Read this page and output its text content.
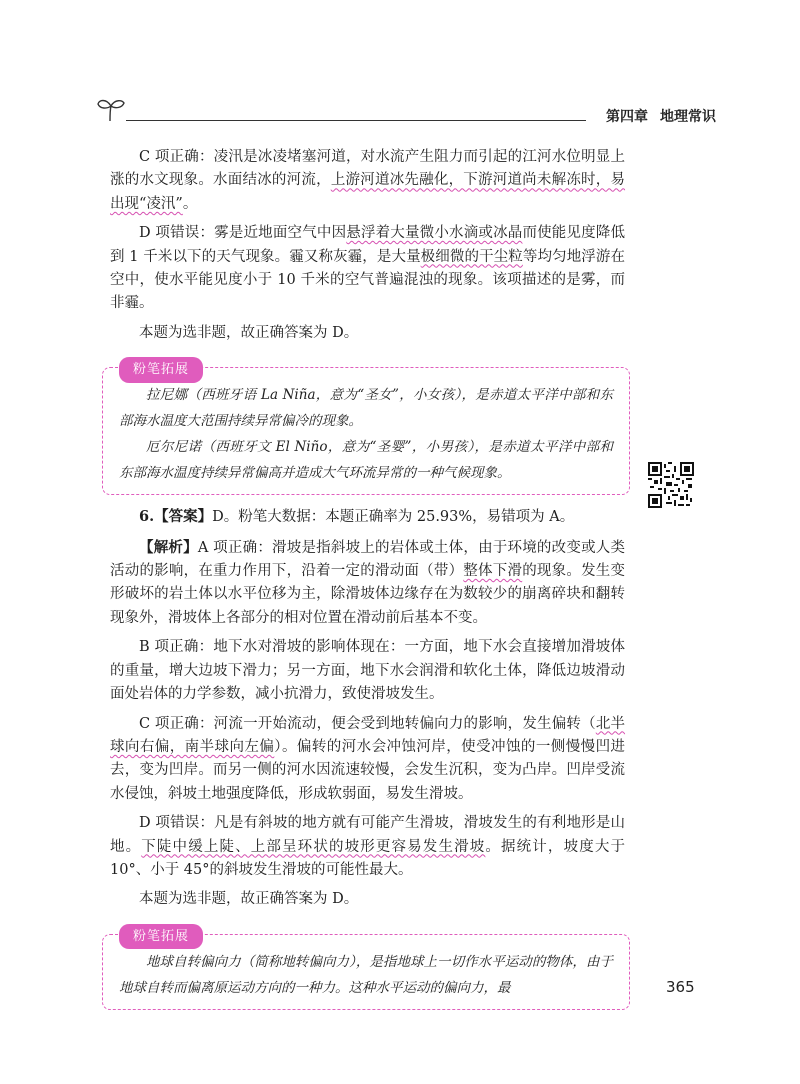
第四章 地理常识

C 项正确：凌汛是冰凌堵塞河道，对水流产生阻力而引起的江河水位明显上涨的水文现象。水面结冰的河流，上游河道冰先融化，下游河道尚未解冻时，易出现“凌汛”。

D 项错误：雾是近地面空气中因悬浮着大量微小水滴或冰晶而使能见度降低到 1 千米以下的天气现象。霾又称灰霾，是大量极细微的干尘粒等均匀地浮游在空中，使水平能见度小于 10 千米的空气普遍混浊的现象。该项描述的是雾，而非霾。

本题为选非题，故正确答案为 D。

粉笔拓展

拉尼娜（西班牙语 La Niña，意为“圣女”，小女孩），是赤道太平洋中部和东部海水温度大范围持续异常偏冷的现象。

厄尔尼诺（西班牙文 El Niño，意为“圣婴”，小男孩），是赤道太平洋中部和东部海水温度持续异常偏高并造成大气环流异常的一种气候现象。

6.【答案】D。粉笔大数据：本题正确率为 25.93%，易错项为 A。

【解析】A 项正确：滑坡是指斜坡上的岩体或土体，由于环境的改变或人类活动的影响，在重力作用下，沿着一定的滑动面（带）整体下滑的现象。发生变形破坏的岩土体以水平位移为主，除滑坡体边缘存在为数较少的崩离碎块和翻转现象外，滑坡体上各部分的相对位置在滑动前后基本不变。

B 项正确：地下水对滑坡的影响体现在：一方面，地下水会直接增加滑坡体的重量，增大边坡下滑力；另一方面，地下水会润滑和软化土体，降低边坡滑动面处岩体的力学参数，减小抗滑力，致使滑坡发生。

C 项正确：河流一开始流动，便会受到地转偏向力的影响，发生偏转（北半球向右偏，南半球向左偏）。偏转的河水会冲蚀河岸，使受冲蚀的一侧慢慢凹进去，变为凹岸。而另一侧的河水因流速较慢，会发生沉积，变为凸岸。凹岸受流水侵蚀，斜坡土地强度降低，形成软弱面，易发生滑坡。

D 项错误：凡是有斜坡的地方就有可能产生滑坡，滑坡发生的有利地形是山地。下陡中缓上陡、上部呈环状的坡形更容易发生滑坡。据统计，坡度大于 10°、小于 45°的斜坡发生滑坡的可能性最大。

本题为选非题，故正确答案为 D。

粉笔拓展

地球自转偏向力（简称地转偏向力），是指地球上一切作水平运动的物体，由于地球自转而偏离原运动方向的一种力。这种水平运动的偏向力，最	365
